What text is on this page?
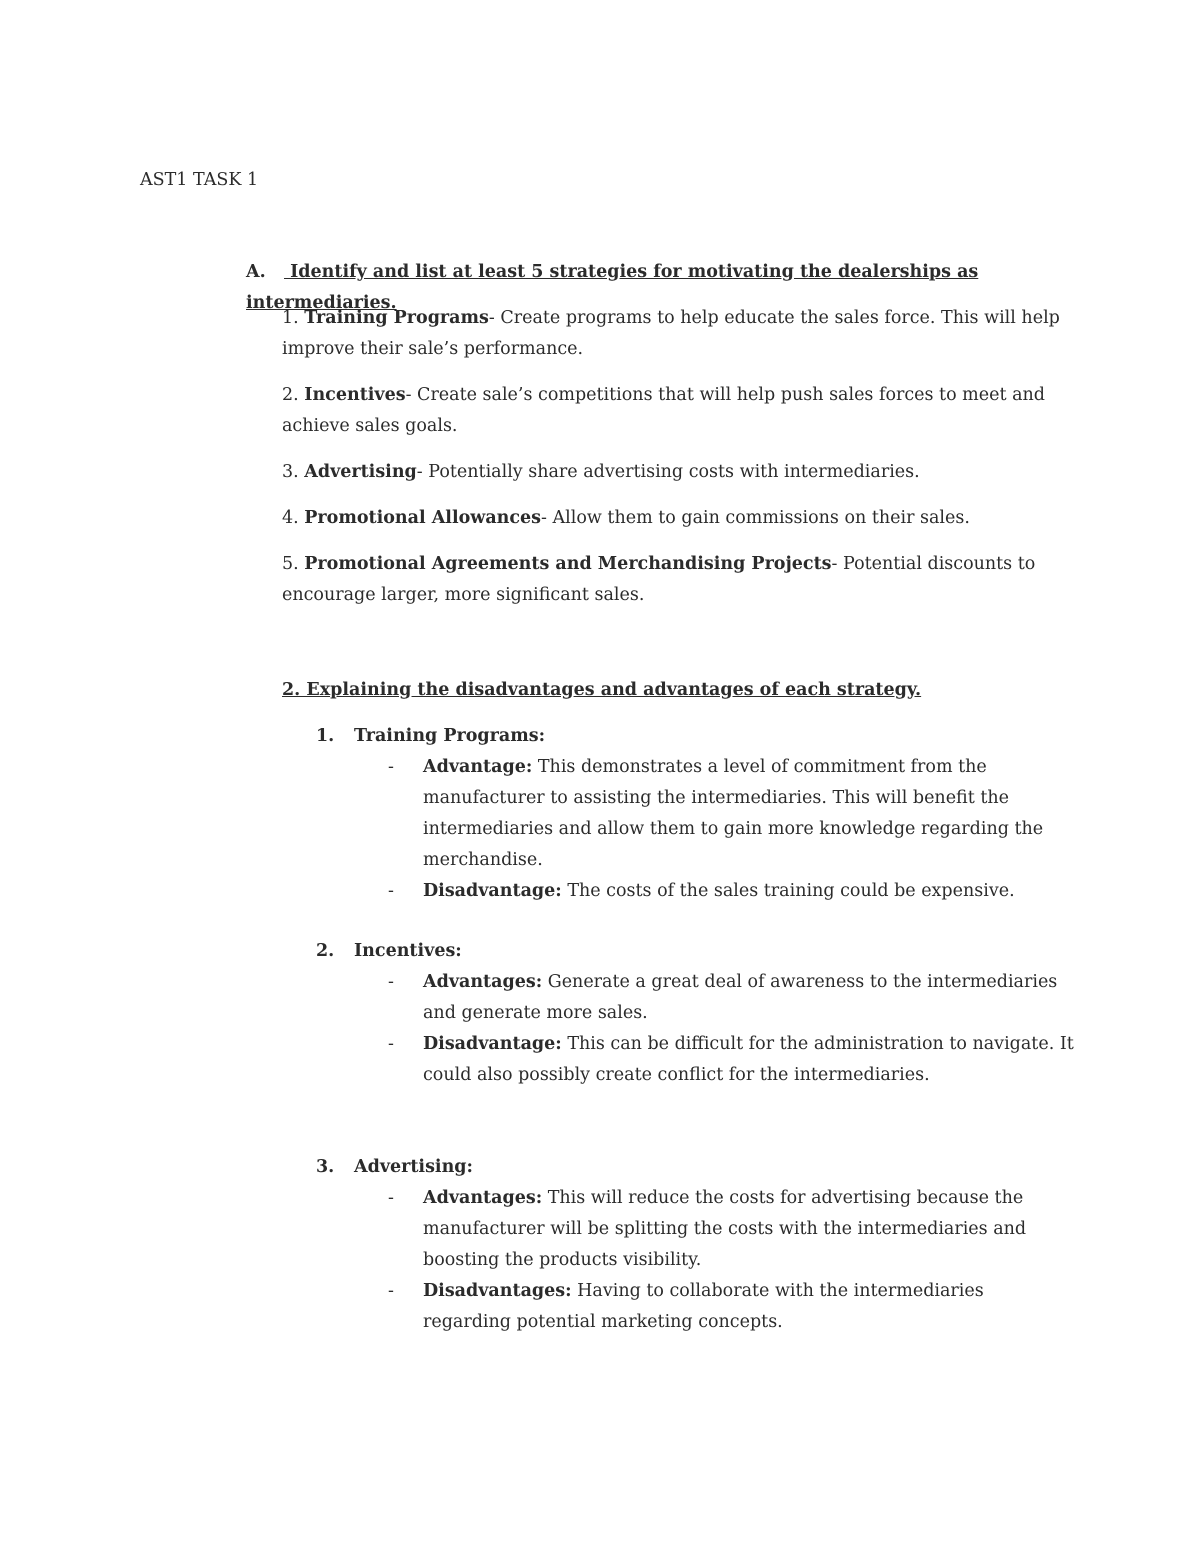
AST1 TASK 1

A. Identify and list at least 5 strategies for motivating the dealerships as intermediaries.

1. Training Programs- Create programs to help educate the sales force. This will help improve their sale’s performance.
2. Incentives- Create sale’s competitions that will help push sales forces to meet and achieve sales goals.
3. Advertising- Potentially share advertising costs with intermediaries.
4. Promotional Allowances- Allow them to gain commissions on their sales.
5. Promotional Agreements and Merchandising Projects- Potential discounts to encourage larger, more significant sales.

2. Explaining the disadvantages and advantages of each strategy.

1. Training Programs:

- Advantage: This demonstrates a level of commitment from the manufacturer to assisting the intermediaries. This will benefit the intermediaries and allow them to gain more knowledge regarding the merchandise.
- Disadvantage: The costs of the sales training could be expensive.

2. Incentives:

- Advantages: Generate a great deal of awareness to the intermediaries and generate more sales.
- Disadvantage: This can be difficult for the administration to navigate. It could also possibly create conflict for the intermediaries.

3. Advertising:

- Advantages: This will reduce the costs for advertising because the manufacturer will be splitting the costs with the intermediaries and boosting the products visibility.
- Disadvantages: Having to collaborate with the intermediaries regarding potential marketing concepts.
